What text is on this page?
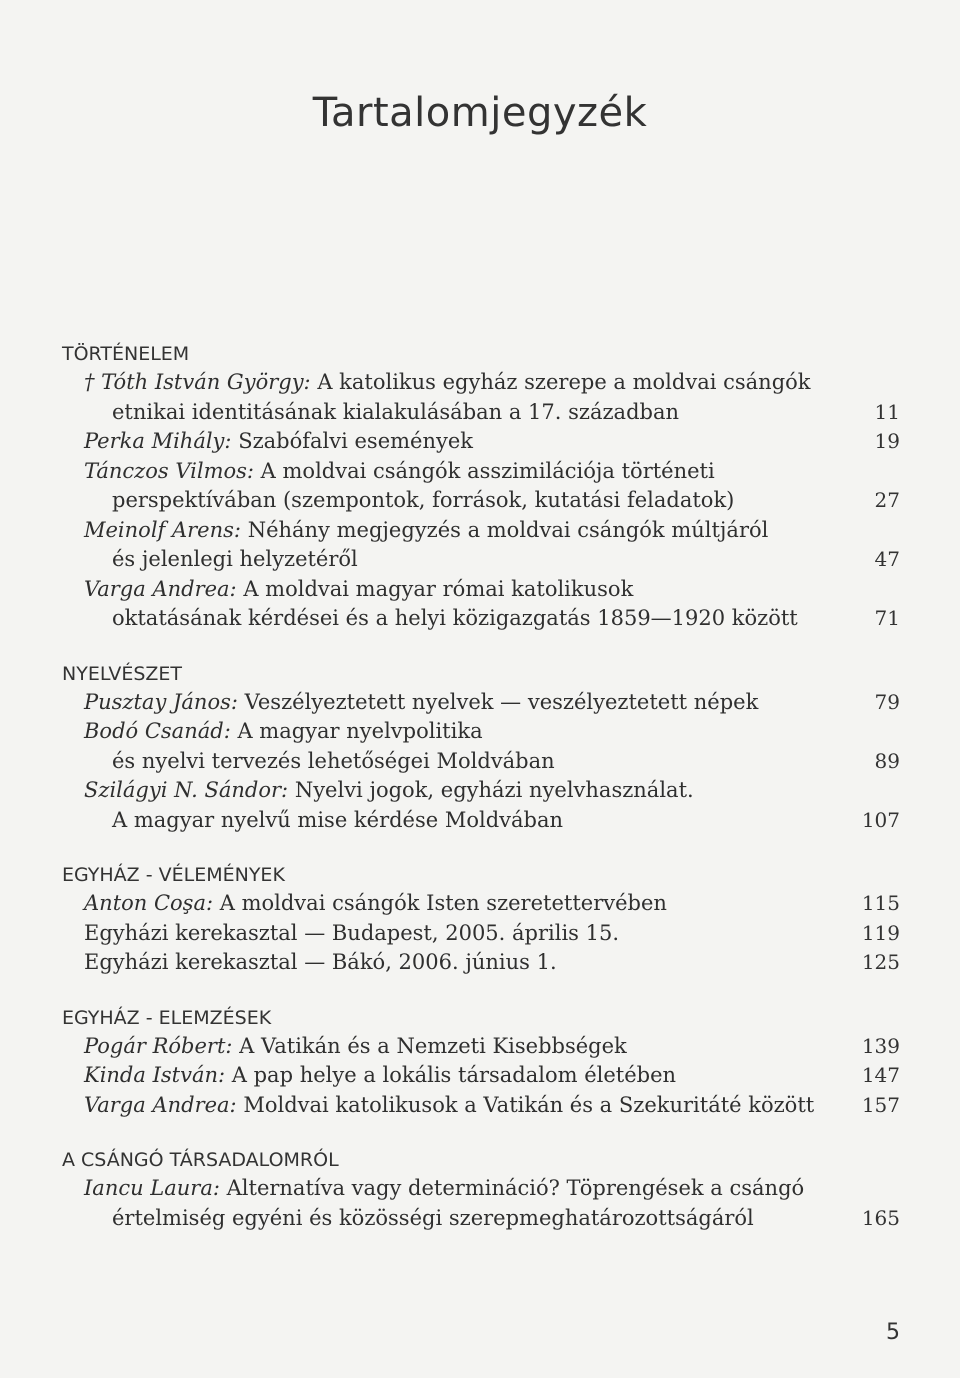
Tartalomjegyzék
TÖRTÉNELEM
† Tóth István György: A katolikus egyház szerepe a moldvai csángók
etnikai identitásának kialakulásában a 17. században	11
Perka Mihály: Szabófalvi események	19
Tánczos Vilmos: A moldvai csángók asszimilációja történeti
perspektívában (szempontok, források, kutatási feladatok)	27
Meinolf Arens: Néhány megjegyzés a moldvai csángók múltjáról
és jelenlegi helyzetéről	47
Varga Andrea: A moldvai magyar római katolikusok
oktatásának kérdései és a helyi közigazgatás 1859—1920 között	71
NYELVÉSZET
Pusztay János: Veszélyeztetett nyelvek — veszélyeztetett népek	79
Bodó Csanád: A magyar nyelvpolitika
és nyelvi tervezés lehetőségei Moldvában	89
Szilágyi N. Sándor: Nyelvi jogok, egyházi nyelvhasználat.
A magyar nyelvű mise kérdése Moldvában	107
EGYHÁZ - VÉLEMÉNYEK
Anton Coşa: A moldvai csángók Isten szeretettervében	115
Egyházi kerekasztal — Budapest, 2005. április 15.	119
Egyházi kerekasztal — Bákó, 2006. június 1.	125
EGYHÁZ - ELEMZÉSEK
Pogár Róbert: A Vatikán és a Nemzeti Kisebbségek	139
Kinda István: A pap helye a lokális társadalom életében	147
Varga Andrea: Moldvai katolikusok a Vatikán és a Szekuritáté között	157
A CSÁNGÓ TÁRSADALOMRÓL
Iancu Laura: Alternatíva vagy determináció? Töprengések a csángó
értelmiség egyéni és közösségi szerepmeghatározottságáról	165
5
